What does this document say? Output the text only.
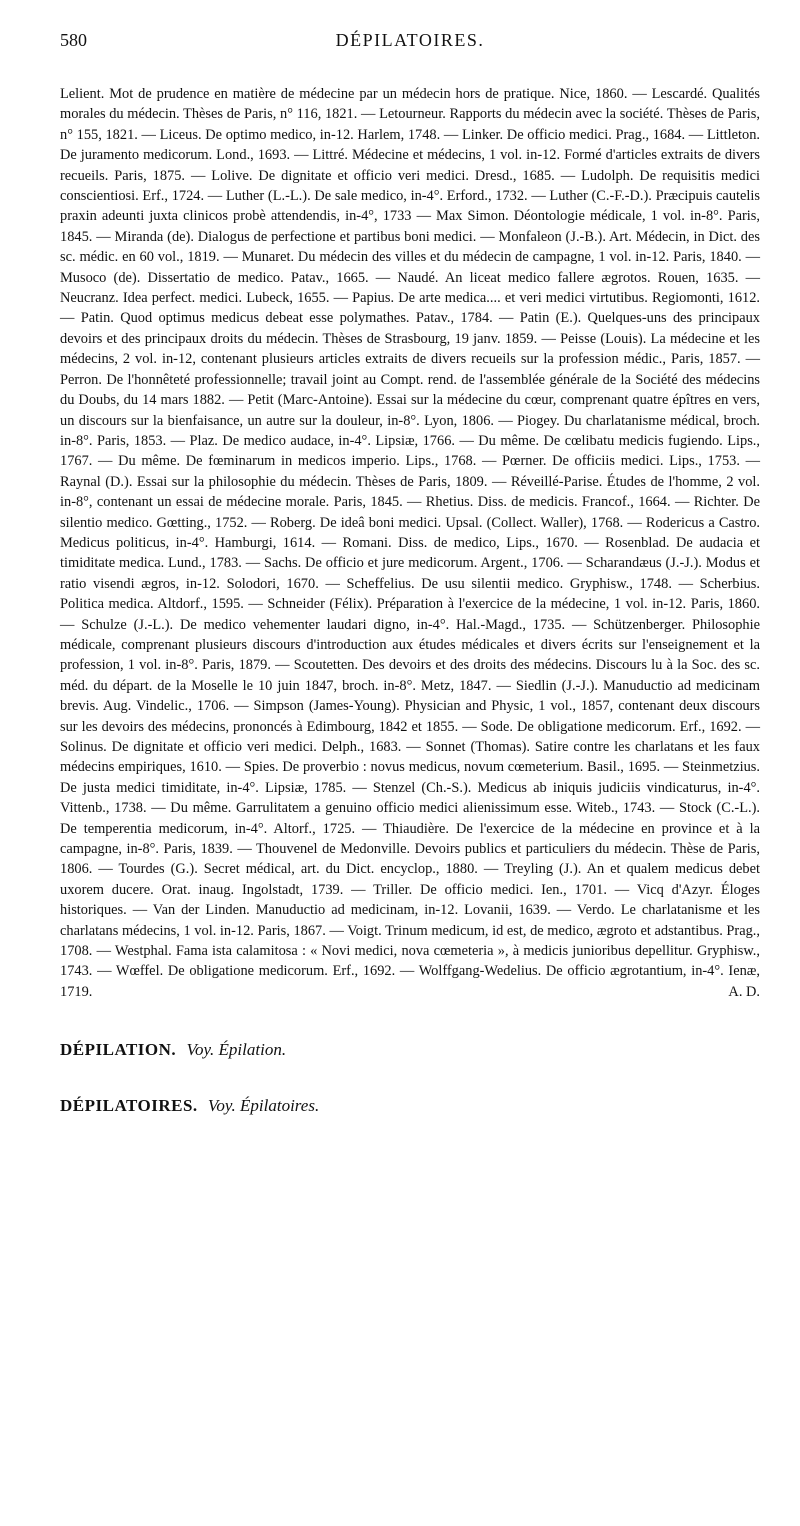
580	DÉPILATOIRES.
Lelient. Mot de prudence en matière de médecine par un médecin hors de pratique. Nice, 1860. — Lescardé. Qualités morales du médecin. Thèses de Paris, n° 116, 1821. — Letourneur. Rapports du médecin avec la société. Thèses de Paris, n° 155, 1821. — Liceus. De optimo medico, in-12. Harlem, 1748. — Linker. De officio medici. Prag., 1684. — Littleton. De juramento medicorum. Lond., 1693. — Littré. Médecine et médecins, 1 vol. in-12. Formé d'articles extraits de divers recueils. Paris, 1875. — Lolive. De dignitate et officio veri medici. Dresd., 1685. — Ludolph. De requisitis medici conscientiosi. Erf., 1724. — Luther (L.-L.). De sale medico, in-4°. Erford., 1732. — Luther (C.-F.-D.). Præcipuis cautelis praxin adeunti juxta clinicos probè attendendis, in-4°, 1733 — Max Simon. Déontologie médicale, 1 vol. in-8°. Paris, 1845. — Miranda (de). Dialogus de perfectione et partibus boni medici. — Monfaleon (J.-B.). Art. Médecin, in Dict. des sc. médic. en 60 vol., 1819. — Munaret. Du médecin des villes et du médecin de campagne, 1 vol. in-12. Paris, 1840. — Musoco (de). Dissertatio de medico. Patav., 1665. — Naudé. An liceat medico fallere ægrotos. Rouen, 1635. — Neucranz. Idea perfect. medici. Lubeck, 1655. — Papius. De arte medica.... et veri medici virtutibus. Regiomonti, 1612. — Patin. Quod optimus medicus debeat esse polymathes. Patav., 1784. — Patin (E.). Quelques-uns des principaux devoirs et des principaux droits du médecin. Thèses de Strasbourg, 19 janv. 1859. — Peisse (Louis). La médecine et les médecins, 2 vol. in-12, contenant plusieurs articles extraits de divers recueils sur la profession médic., Paris, 1857. — Perron. De l'honnêteté professionnelle; travail joint au Compt. rend. de l'assemblée générale de la Société des médecins du Doubs, du 14 mars 1882. — Petit (Marc-Antoine). Essai sur la médecine du cœur, comprenant quatre épîtres en vers, un discours sur la bienfaisance, un autre sur la douleur, in-8°. Lyon, 1806. — Piogey. Du charlatanisme médical, broch. in-8°. Paris, 1853. — Plaz. De medico audace, in-4°. Lipsiæ, 1766. — Du même. De cœlibatu medicis fugiendo. Lips., 1767. — Du même. De fœminarum in medicos imperio. Lips., 1768. — Pœrner. De officiis medici. Lips., 1753. — Raynal (D.). Essai sur la philosophie du médecin. Thèses de Paris, 1809. — Réveillé-Parise. Études de l'homme, 2 vol. in-8°, contenant un essai de médecine morale. Paris, 1845. — Rhetius. Diss. de medicis. Francof., 1664. — Richter. De silentio medico. Gœtting., 1752. — Roberg. De ideâ boni medici. Upsal. (Collect. Waller), 1768. — Rodericus a Castro. Medicus politicus, in-4°. Hamburgi, 1614. — Romani. Diss. de medico, Lips., 1670. — Rosenblad. De audacia et timiditate medica. Lund., 1783. — Sachs. De officio et jure medicorum. Argent., 1706. — Scharandæus (J.-J.). Modus et ratio visendi ægros, in-12. Solodori, 1670. — Scheffelius. De usu silentii medico. Gryphisw., 1748. — Scherbius. Politica medica. Altdorf., 1595. — Schneider (Félix). Préparation à l'exercice de la médecine, 1 vol. in-12. Paris, 1860. — Schulze (J.-L.). De medico vehementer laudari digno, in-4°. Hal.-Magd., 1735. — Schützenberger. Philosophie médicale, comprenant plusieurs discours d'introduction aux études médicales et divers écrits sur l'enseignement et la profession, 1 vol. in-8°. Paris, 1879. — Scoutetten. Des devoirs et des droits des médecins. Discours lu à la Soc. des sc. méd. du départ. de la Moselle le 10 juin 1847, broch. in-8°. Metz, 1847. — Siedlin (J.-J.). Manuductio ad medicinam brevis. Aug. Vindelic., 1706. — Simpson (James-Young). Physician and Physic, 1 vol., 1857, contenant deux discours sur les devoirs des médecins, prononcés à Edimbourg, 1842 et 1855. — Sode. De obligatione medicorum. Erf., 1692. — Solinus. De dignitate et officio veri medici. Delph., 1683. — Sonnet (Thomas). Satire contre les charlatans et les faux médecins empiriques, 1610. — Spies. De proverbio : novus medicus, novum cœmeterium. Basil., 1695. — Steinmetzius. De justa medici timiditate, in-4°. Lipsiæ, 1785. — Stenzel (Ch.-S.). Medicus ab iniquis judiciis vindicaturus, in-4°. Vittenb., 1738. — Du même. Garrulitatem a genuino officio medici alienissimum esse. Witeb., 1743. — Stock (C.-L.). De temperentia medicorum, in-4°. Altorf., 1725. — Thiaudière. De l'exercice de la médecine en province et à la campagne, in-8°. Paris, 1839. — Thouvenel de Medonville. Devoirs publics et particuliers du médecin. Thèse de Paris, 1806. — Tourdes (G.). Secret médical, art. du Dict. encyclop., 1880. — Treyling (J.). An et qualem medicus debet uxorem ducere. Orat. inaug. Ingolstadt, 1739. — Triller. De officio medici. Ien., 1701. — Vicq d'Azyr. Éloges historiques. — Van der Linden. Manuductio ad medicinam, in-12. Lovanii, 1639. — Verdo. Le charlatanisme et les charlatans médecins, 1 vol. in-12. Paris, 1867. — Voigt. Trinum medicum, id est, de medico, ægroto et adstantibus. Prag., 1708. — Westphal. Fama ista calamitosa : « Novi medici, nova cœmeteria », à medicis junioribus depellitur. Gryphisw., 1743. — Wœffel. De obligatione medicorum. Erf., 1692. — Wolffgang-Wedelius. De officio ægrotantium, in-4°. Ienæ, 1719.	A. D.
DÉPILATION. Voy. Épilation.
DÉPILATOIRES. Voy. Épilatoires.
